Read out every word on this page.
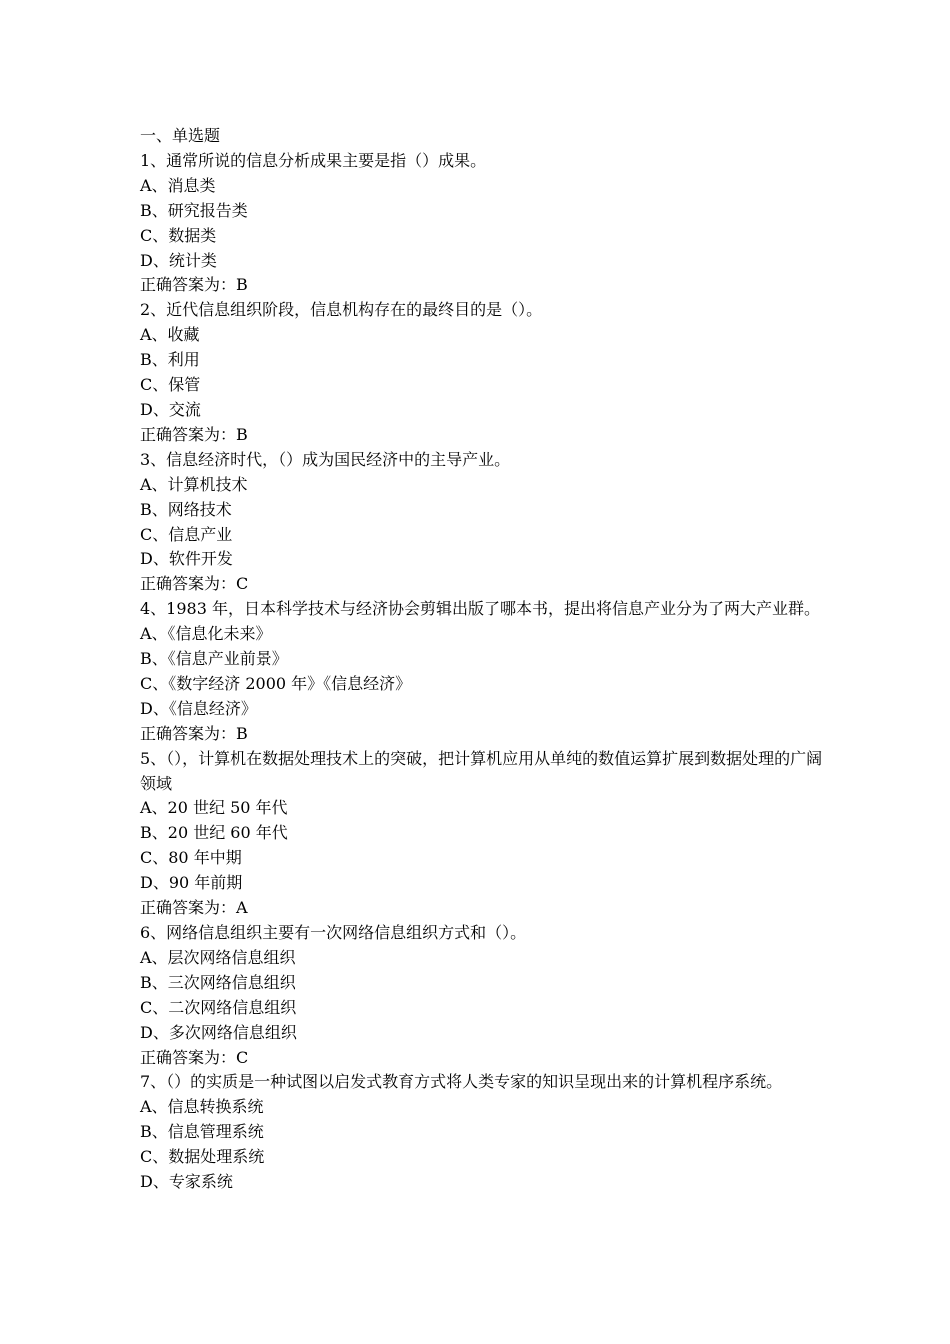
一、单选题

1、通常所说的信息分析成果主要是指（）成果。

A、消息类

B、研究报告类

C、数据类

D、统计类

正确答案为：B

2、近代信息组织阶段，信息机构存在的最终目的是（）。

A、收藏

B、利用

C、保管

D、交流

正确答案为：B

3、信息经济时代，（）成为国民经济中的主导产业。

A、计算机技术

B、网络技术

C、信息产业

D、软件开发

正确答案为：C

4、1983 年，日本科学技术与经济协会剪辑出版了哪本书，提出将信息产业分为了两大产业群。

A、《信息化未来》

B、《信息产业前景》

C、《数字经济 2000 年》《信息经济》

D、《信息经济》

正确答案为：B

5、（），计算机在数据处理技术上的突破，把计算机应用从单纯的数值运算扩展到数据处理的广阔领域

A、20 世纪 50 年代

B、20 世纪 60 年代

C、80 年中期

D、90 年前期

正确答案为：A

6、网络信息组织主要有一次网络信息组织方式和（）。

A、层次网络信息组织

B、三次网络信息组织

C、二次网络信息组织

D、多次网络信息组织

正确答案为：C

7、（）的实质是一种试图以启发式教育方式将人类专家的知识呈现出来的计算机程序系统。

A、信息转换系统

B、信息管理系统

C、数据处理系统

D、专家系统
